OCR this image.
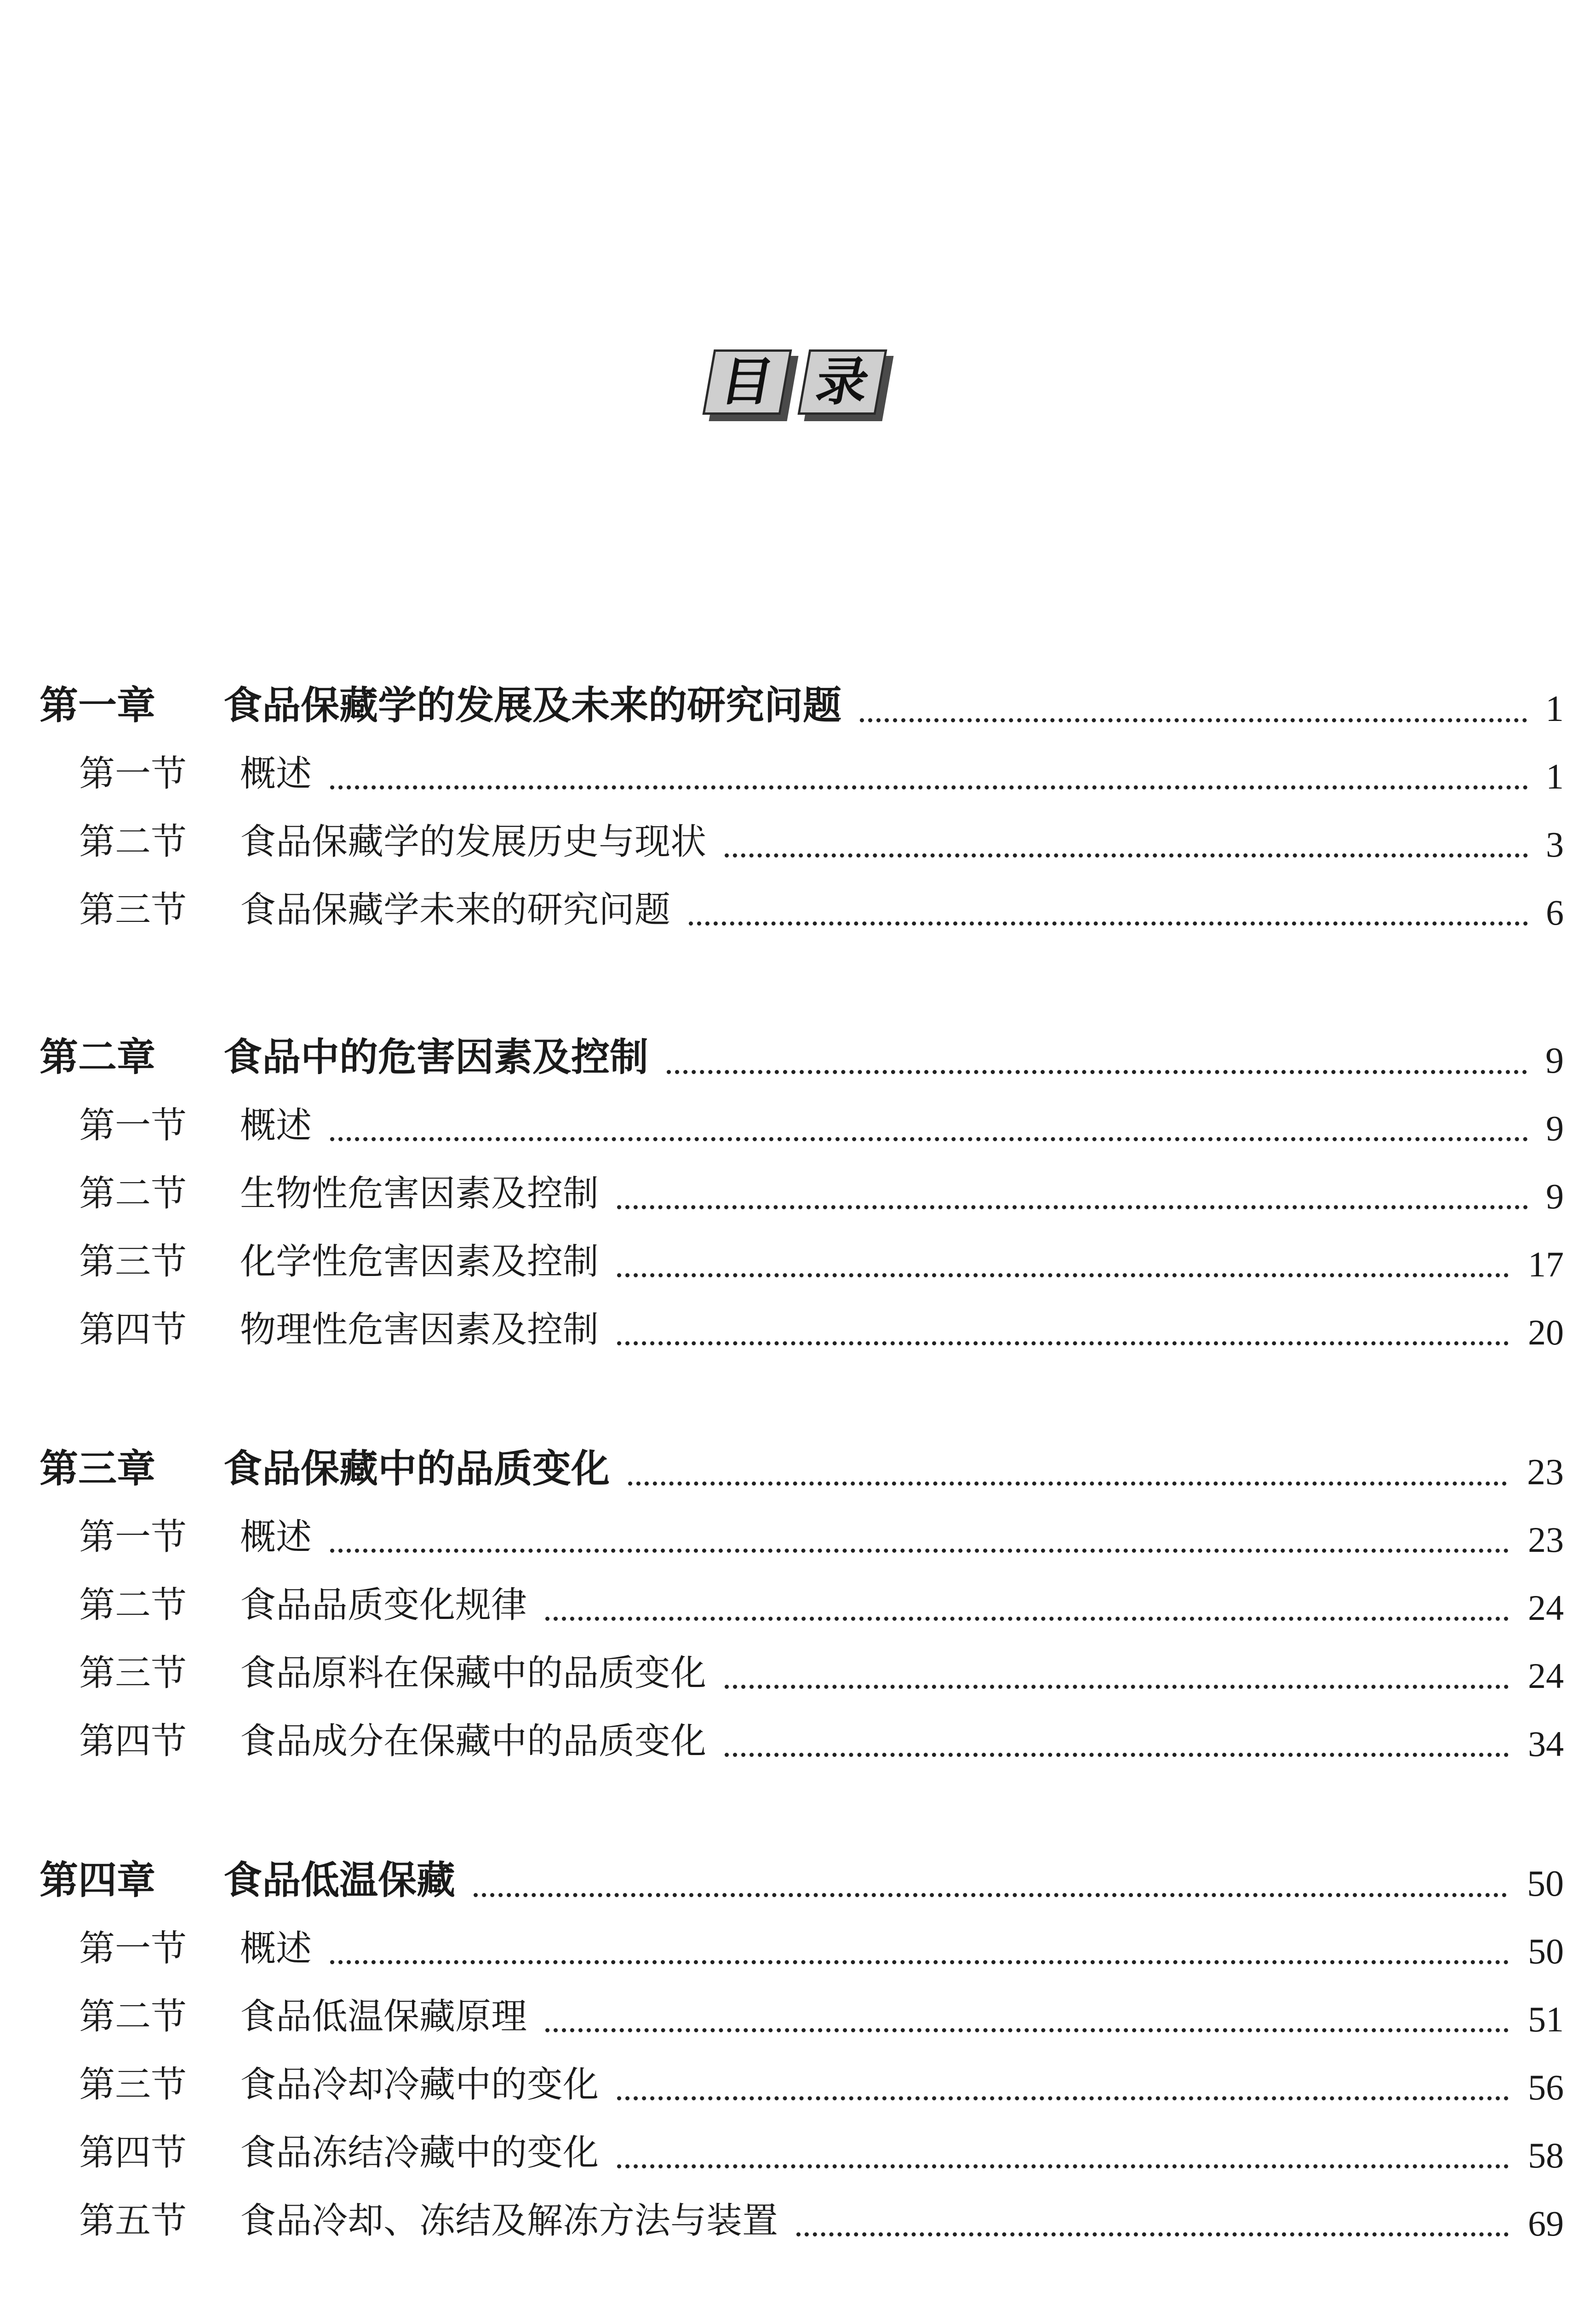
目 录
第一章 食品保藏学的发展及未来的研究问题	1
第一节 概述	1
第二节 食品保藏学的发展历史与现状	3
第三节 食品保藏学未来的研究问题	6
第二章 食品中的危害因素及控制	9
第一节 概述	9
第二节 生物性危害因素及控制	9
第三节 化学性危害因素及控制	17
第四节 物理性危害因素及控制	20
第三章 食品保藏中的品质变化	23
第一节 概述	23
第二节 食品品质变化规律	24
第三节 食品原料在保藏中的品质变化	24
第四节 食品成分在保藏中的品质变化	34
第四章 食品低温保藏	50
第一节 概述	50
第二节 食品低温保藏原理	51
第三节 食品冷却冷藏中的变化	56
第四节 食品冻结冷藏中的变化	58
第五节 食品冷却、冻结及解冻方法与装置	69
